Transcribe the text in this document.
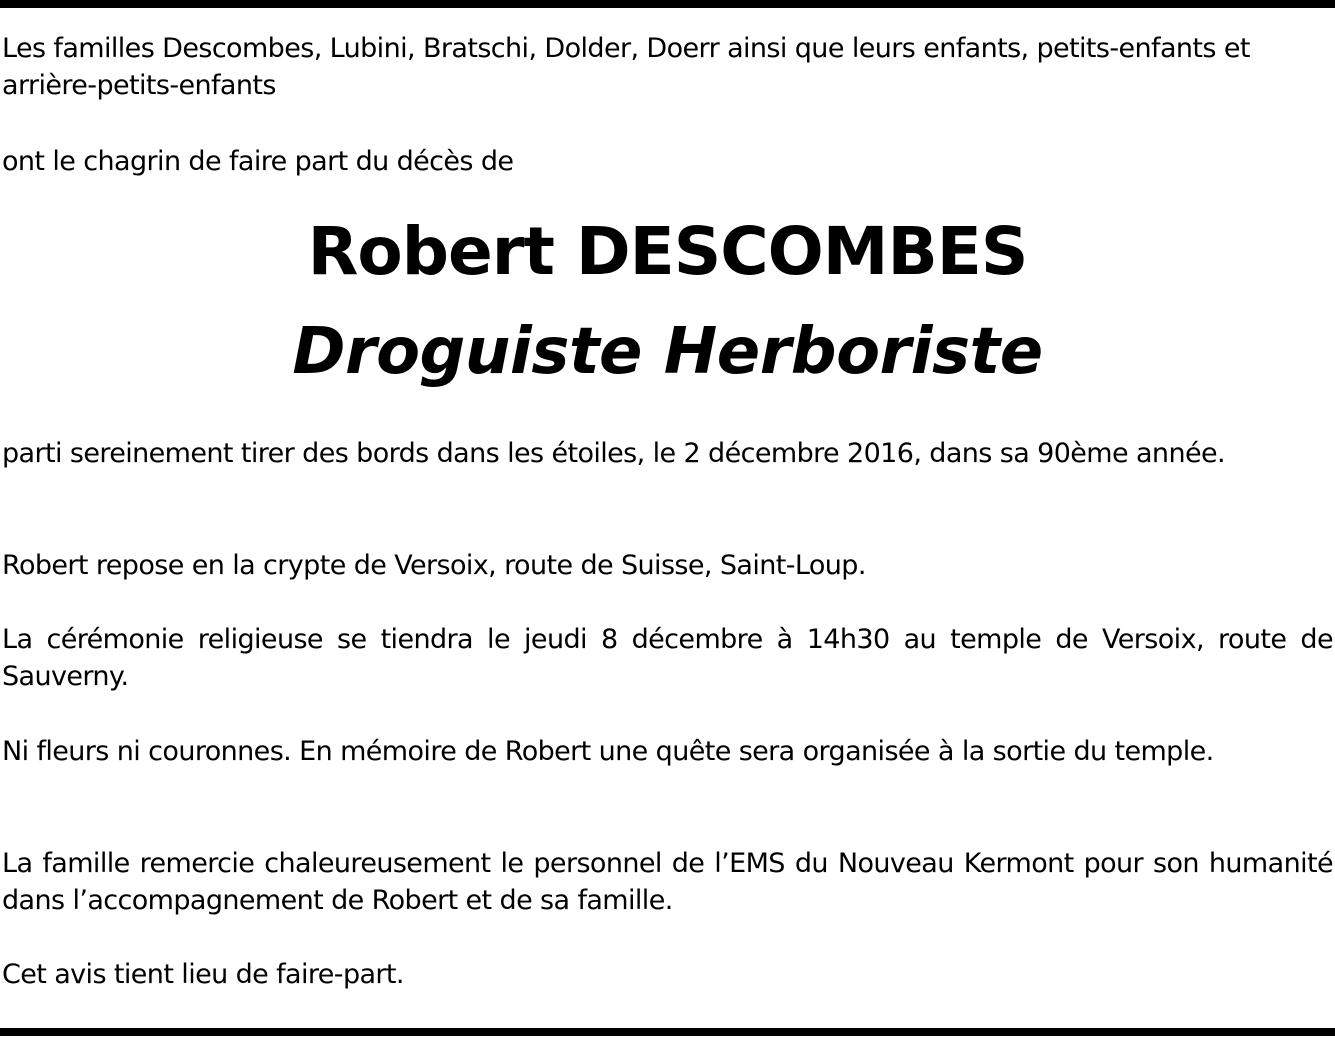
Les familles Descombes, Lubini, Bratschi, Dolder, Doerr ainsi que leurs enfants, petits-enfants et arrière-petits-enfants

ont le chagrin de faire part du décès de

Robert DESCOMBES
Droguiste Herboriste

parti sereinement tirer des bords dans les étoiles, le 2 décembre 2016, dans sa 90ème année.

Robert repose en la crypte de Versoix, route de Suisse, Saint-Loup.

La cérémonie religieuse se tiendra le jeudi 8 décembre à 14h30 au temple de Versoix, route de Sauverny.

Ni fleurs ni couronnes. En mémoire de Robert une quête sera organisée à la sortie du temple.

La famille remercie chaleureusement le personnel de l’EMS du Nouveau Kermont pour son humanité dans l’accompagnement de Robert et de sa famille.

Cet avis tient lieu de faire-part.
